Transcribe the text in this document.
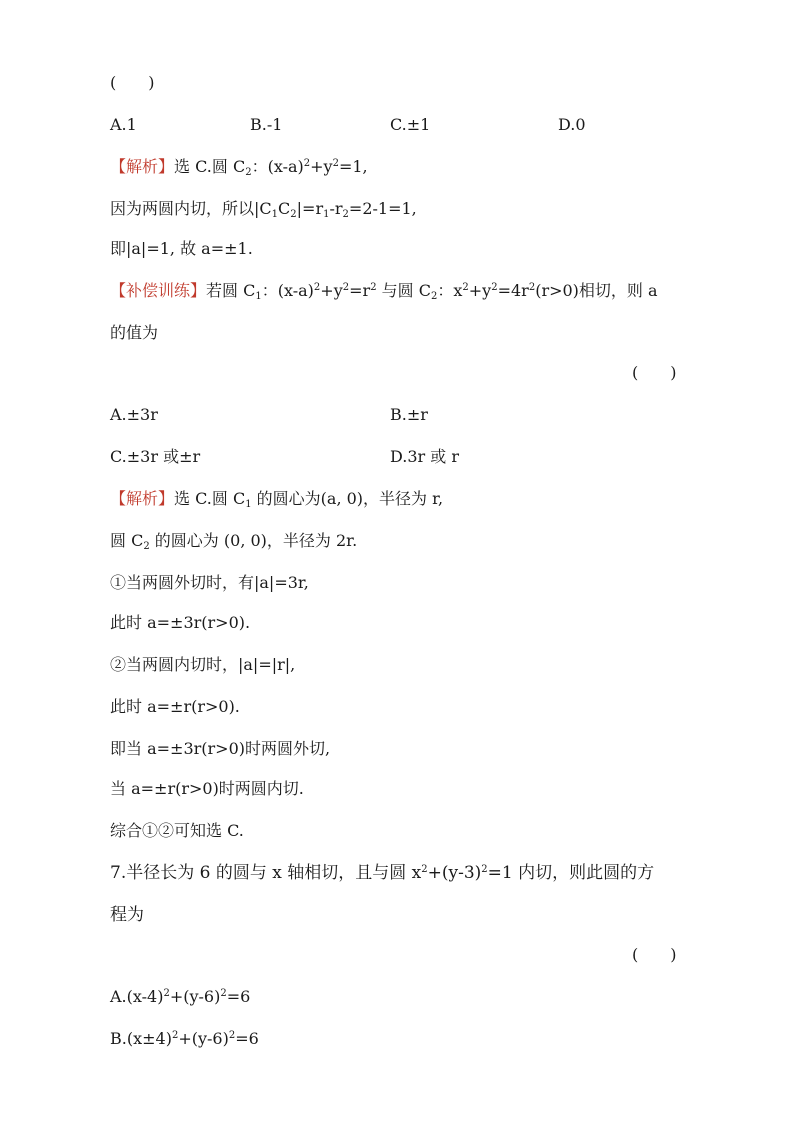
(　　)
A.1	B.-1	C.±1	D.0
【解析】选 C.圆 $C_2$：$(x-a)^2+y^2=1$,
因为两圆内切，所以$|C_1C_2|=r_1-r_2=2-1=1$,
即|a|=1, 故 a=±1.
【补偿训练】若圆 $C_1$：$(x-a)^2+y^2=r^2$ 与圆 $C_2$：$x^2+y^2=4r^2(r>0)$相切，则 a
的值为
(　　)
A.±3r	B.±r
C.±3r 或±r	D.3r 或 r
【解析】选 C.圆 $C_1$ 的圆心为(a, 0)，半径为 r,
圆 $C_2$ 的圆心为 (0, 0)，半径为 2r.
①当两圆外切时，有|a|=3r,
此时 a=±3r(r>0).
②当两圆内切时，|a|=|r|,
此时 a=±r(r>0).
即当 a=±3r(r>0)时两圆外切,
当 a=±r(r>0)时两圆内切.
综合①②可知选 C.
7.半径长为 6 的圆与 x 轴相切，且与圆 $x^2+(y-3)^2=1$ 内切，则此圆的方
程为
(　　)
$A.(x-4)^2+(y-6)^2=6$
$B.(x\pm 4)^2+(y-6)^2=6$
